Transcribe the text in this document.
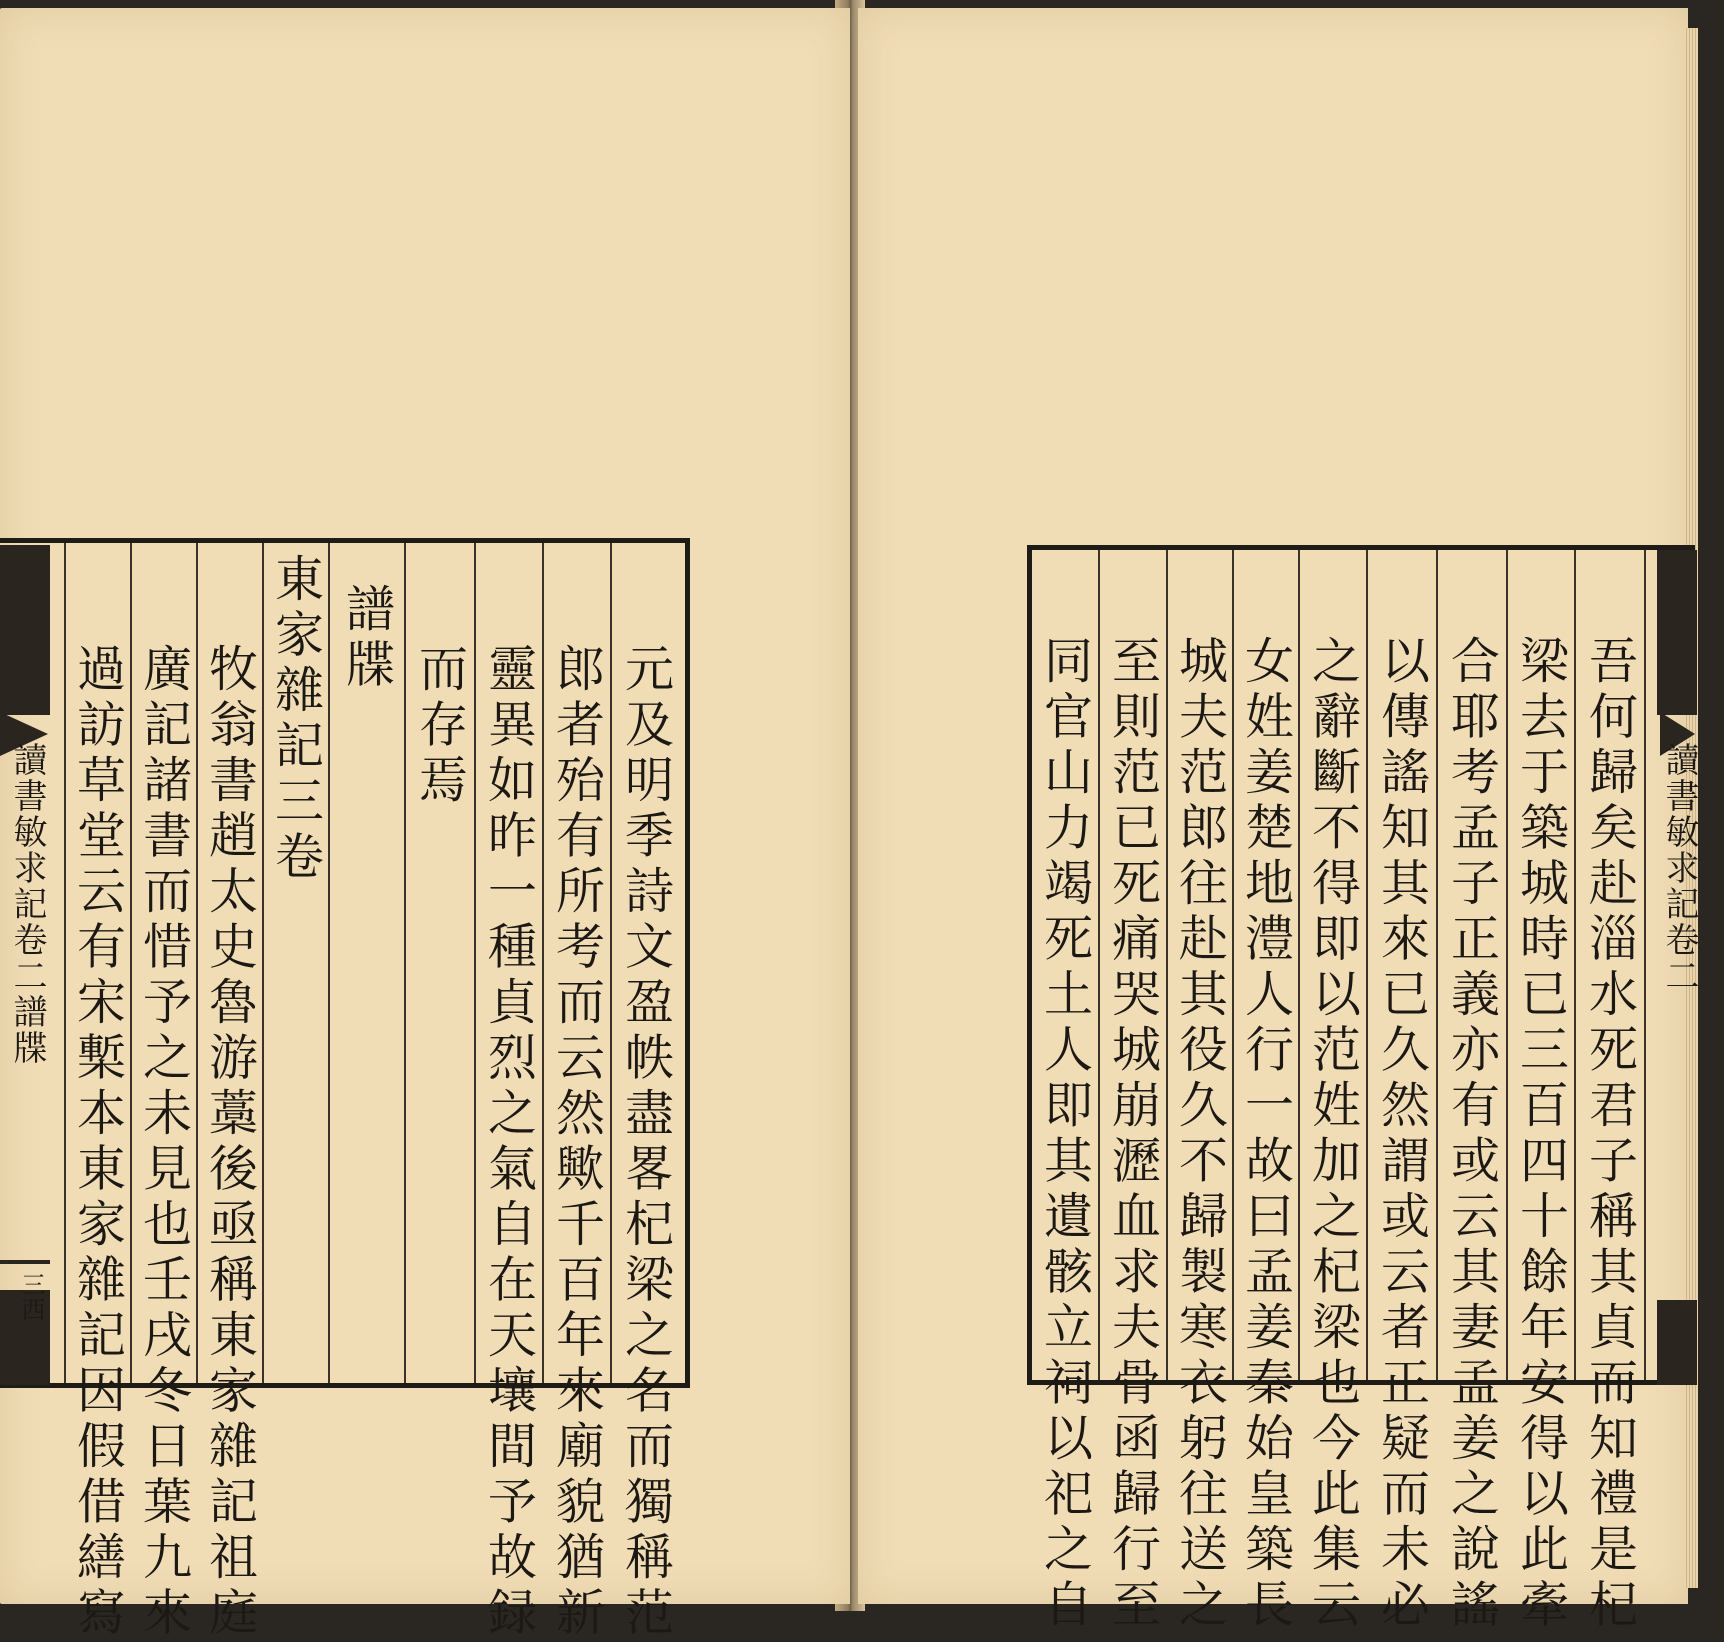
元及明季詩文盈帙盡畧杞梁之名而獨稱范
郎者殆有所考而云然歟千百年來廟貌猶新
靈異如昨一種貞烈之氣自在天壤間予故録
而存焉
譜牒
東家雜記三卷
牧翁書趙太史魯游藁後亟稱東家雜記祖庭
廣記諸書而惜予之未見也壬戌冬日葉九來
過訪草堂云有宋槧本東家雜記因假借繕寫
讀書敏求記卷二譜牒
三西	吾何歸矣赴淄水死君子稱其貞而知禮是杞
梁去于築城時已三百四十餘年安得以此牽
合耶考孟子正義亦有或云其妻孟姜之說謠
以傳謠知其來已久然謂或云者正疑而未必
之辭斷不得即以范姓加之杞梁也今此集云
女姓姜楚地澧人行一故曰孟姜秦始皇築長
城夫范郎往赴其役久不歸製寒衣躬往送之
至則范已死痛哭城崩瀝血求夫骨函歸行至
同官山力竭死土人即其遺骸立祠以祀之自	讀書敏求記卷二
